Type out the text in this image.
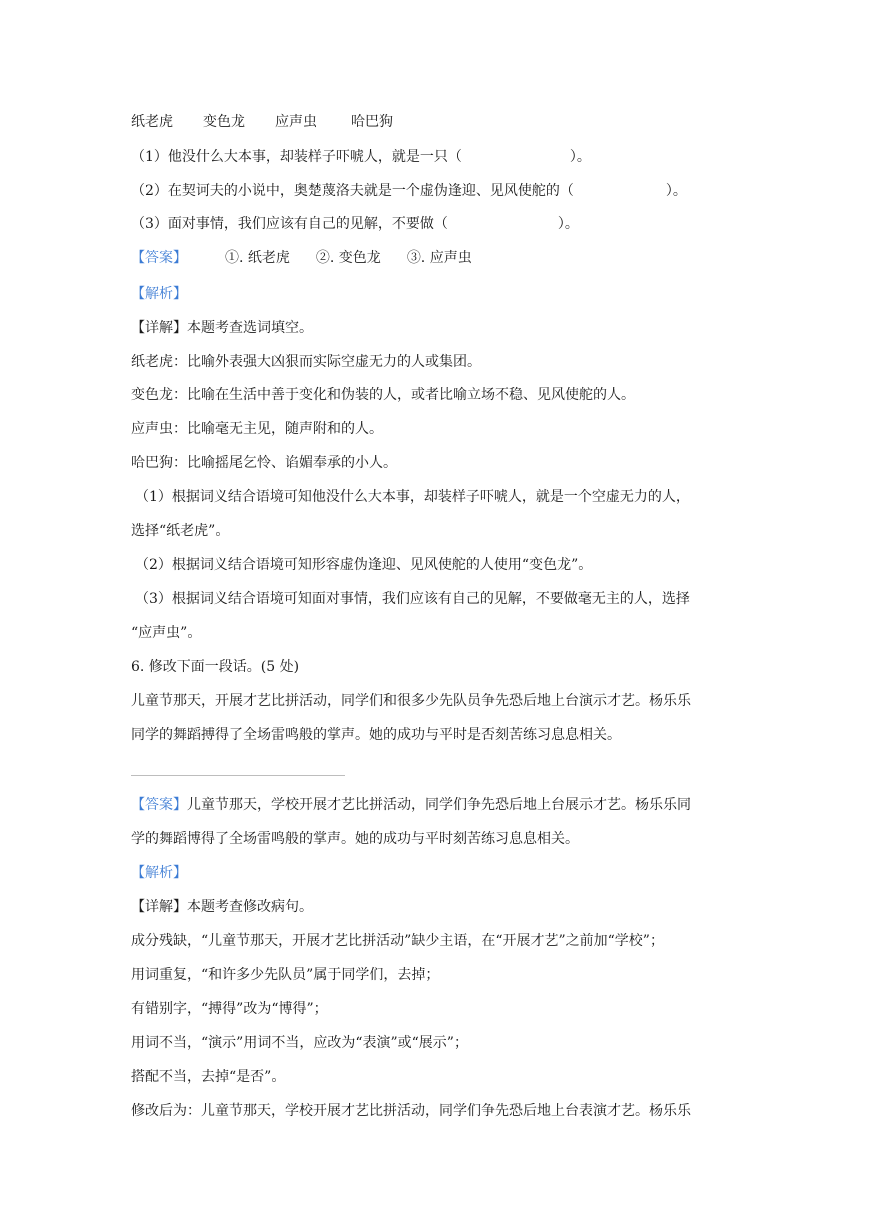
纸老虎 变色龙 应声虫 哈巴狗

（1）他没什么大本事，却装样子吓唬人，就是一只（	）。

（2）在契诃夫的小说中，奥楚蔑洛夫就是一个虚伪逢迎、见风使舵的（	）。

（3）面对事情，我们应该有自己的见解，不要做（	）。

【答案】	①. 纸老虎 ②. 变色龙 ③. 应声虫

【解析】

【详解】本题考查选词填空。

纸老虎：比喻外表强大凶狠而实际空虚无力的人或集团。

变色龙：比喻在生活中善于变化和伪装的人，或者比喻立场不稳、见风使舵的人。

应声虫：比喻毫无主见，随声附和的人。

哈巴狗：比喻摇尾乞怜、谄媚奉承的小人。

（1）根据词义结合语境可知他没什么大本事，却装样子吓唬人，就是一个空虚无力的人，

选择“纸老虎”。

（2）根据词义结合语境可知形容虚伪逢迎、见风使舵的人使用“变色龙”。

（3）根据词义结合语境可知面对事情，我们应该有自己的见解，不要做毫无主的人，选择

“应声虫”。

6. 修改下面一段话。(5 处)

儿童节那天，开展才艺比拼活动，同学们和很多少先队员争先恐后地上台演示才艺。杨乐乐

同学的舞蹈搏得了全场雷鸣般的掌声。她的成功与平时是否刻苦练习息息相关。

【答案】儿童节那天，学校开展才艺比拼活动，同学们争先恐后地上台展示才艺。杨乐乐同

学的舞蹈博得了全场雷鸣般的掌声。她的成功与平时刻苦练习息息相关。

【解析】

【详解】本题考查修改病句。

成分残缺，“儿童节那天，开展才艺比拼活动”缺少主语，在“开展才艺”之前加“学校”；

用词重复，“和许多少先队员”属于同学们，去掉；

有错别字，“搏得”改为“博得”；

用词不当，“演示”用词不当，应改为“表演”或“展示”；

搭配不当，去掉“是否”。

修改后为：儿童节那天，学校开展才艺比拼活动，同学们争先恐后地上台表演才艺。杨乐乐
